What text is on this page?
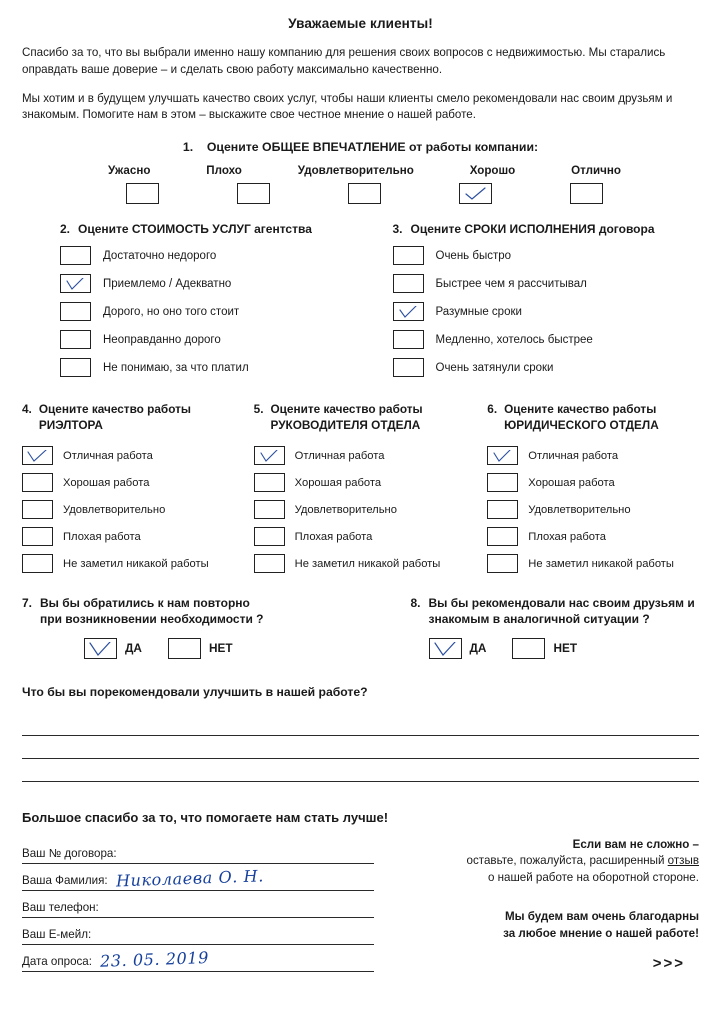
Уважаемые клиенты!

Спасибо за то, что вы выбрали именно нашу компанию для решения своих вопросов с недвижимостью. Мы старались оправдать ваше доверие – и сделать свою работу максимально качественно.

Мы хотим и в будущем улучшать качество своих услуг, чтобы наши клиенты смело рекомендовали нас своим друзьям и знакомым. Помогите нам в этом – выскажите свое честное мнение о нашей работе.

1. Оцените ОБЩЕЕ ВПЕЧАТЛЕНИЕ от работы компании:
Ужасно	Плохо	Удовлетворительно	Хорошо	Отлично
2. Оцените СТОИМОСТЬ УСЛУГ агентства
Достаточно недорого
Приемлемо / Адекватно
Дорого, но оно того стоит
Неоправданно дорого
Не понимаю, за что платил
3. Оцените СРОКИ ИСПОЛНЕНИЯ договора
Очень быстро
Быстрее чем я рассчитывал
Разумные сроки
Медленно, хотелось быстрее
Очень затянули сроки
4. Оцените качество работы
РИЭЛТОРА
Отличная работа
Хорошая работа
Удовлетворительно
Плохая работа
Не заметил никакой работы
5. Оцените качество работы
РУКОВОДИТЕЛЯ ОТДЕЛА
Отличная работа
Хорошая работа
Удовлетворительно
Плохая работа
Не заметил никакой работы
6. Оцените качество работы
ЮРИДИЧЕСКОГО ОТДЕЛА
Отличная работа
Хорошая работа
Удовлетворительно
Плохая работа
Не заметил никакой работы
7. Вы бы обратились к нам повторно
при возникновении необходимости ?
ДА	НЕТ
8. Вы бы рекомендовали нас своим друзьям и
знакомым в аналогичной ситуации ?
ДА	НЕТ
Что бы вы порекомендовали улучшить в нашей работе?
Большое спасибо за то, что помогаете нам стать лучше!
Ваш № договора:
Ваша Фамилия: Николаева О. Н.
Ваш телефон:
Ваш Е-мейл:
Дата опроса: 23. 05. 2019
Если вам не сложно –
оставьте, пожалуйста, расширенный отзыв
о нашей работе на оборотной стороне.
Мы будем вам очень благодарны
за любое мнение о нашей работе!
>>>
